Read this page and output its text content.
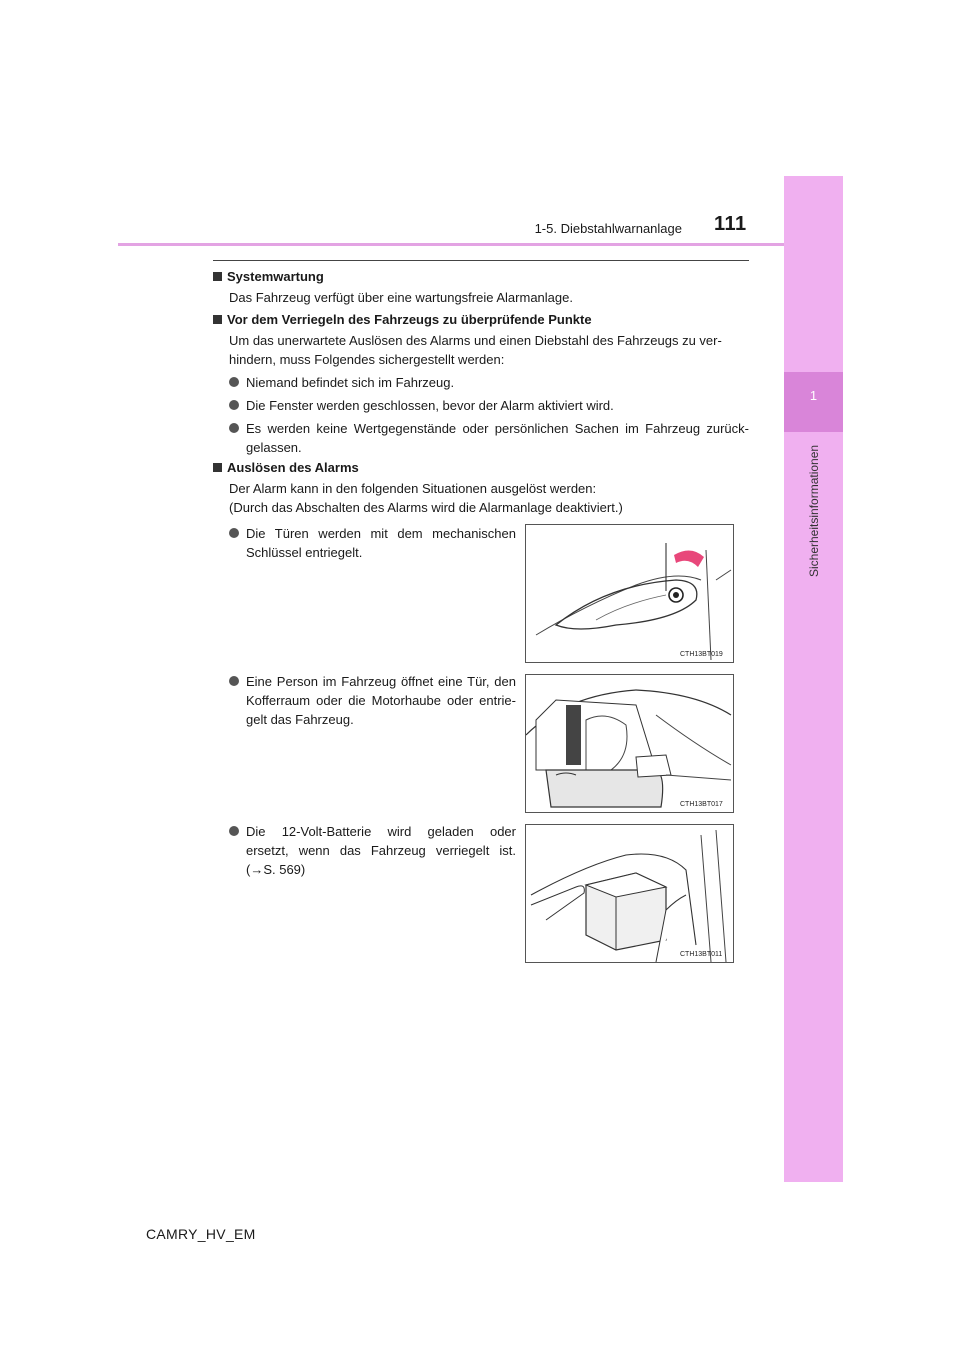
1
Sicherheitsinformationen
1-5. Diebstahlwarnanlage 111
Systemwartung
Das Fahrzeug verfügt über eine wartungsfreie Alarmanlage.
Vor dem Verriegeln des Fahrzeugs zu überprüfende Punkte
Um das unerwartete Auslösen des Alarms und einen Diebstahl des Fahrzeugs zu ver-
hindern, muss Folgendes sichergestellt werden:
Niemand befindet sich im Fahrzeug.
Die Fenster werden geschlossen, bevor der Alarm aktiviert wird.
Es werden keine Wertgegenstände oder persönlichen Sachen im Fahrzeug zurück-
gelassen.
Auslösen des Alarms
Der Alarm kann in den folgenden Situationen ausgelöst werden:
(Durch das Abschalten des Alarms wird die Alarmanlage deaktiviert.)
Die Türen werden mit dem mechanischen
Schlüssel entriegelt.
CTH13BT019
Eine Person im Fahrzeug öffnet eine Tür, den
Kofferraum oder die Motorhaube oder entrie-
gelt das Fahrzeug.
CTH13BT017
Die 12-Volt-Batterie wird geladen oder
ersetzt, wenn das Fahrzeug verriegelt ist.
(→S. 569)
CTH13BT011
CAMRY_HV_EM
